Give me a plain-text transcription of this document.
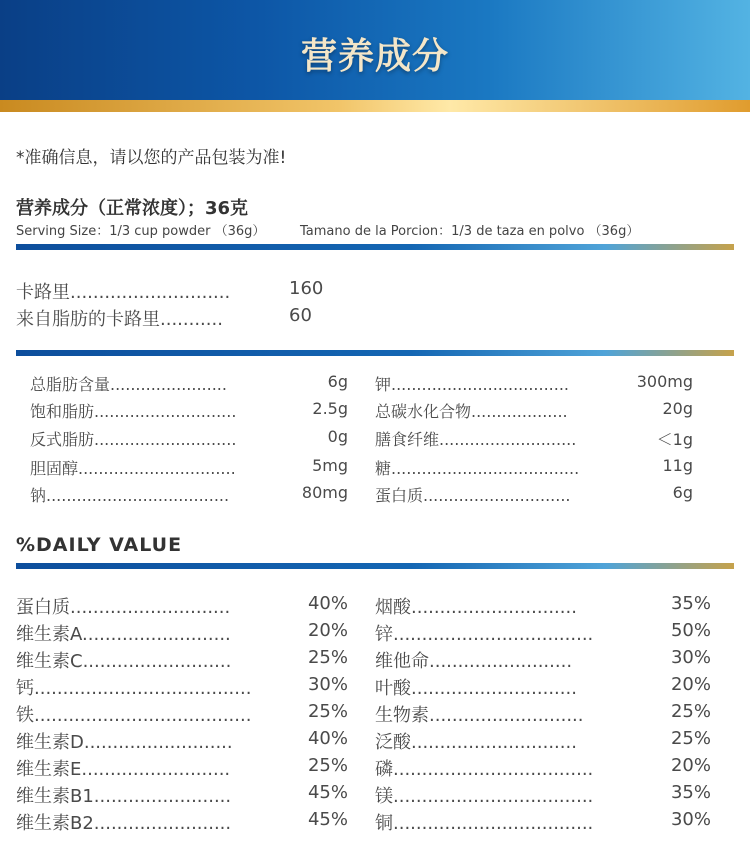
营养成分
*准确信息，请以您的产品包装为准!
营养成分（正常浓度）；36克
Serving Size：1/3 cup powder （36g）	Tamano de la Porcion：1/3 de taza en polvo （36g）
卡路里............................	160
来自脂肪的卡路里...........	60
总脂肪含量.......................	6g
饱和脂肪............................	2.5g
反式脂肪............................	0g
胆固醇...............................	5mg
钠....................................	80mg
钾...................................	300mg
总碳水化合物...................	20g
膳食纤维...........................	＜1g
糖.....................................	11g
蛋白质.............................	6g
%DAILY VALUE
蛋白质............................	40%
维生素A..........................	20%
维生素C..........................	25%
钙......................................	30%
铁......................................	25%
维生素D..........................	40%
维生素E..........................	25%
维生素B1........................	45%
维生素B2........................	45%
烟酸.............................	35%
锌...................................	50%
维他命.........................	30%
叶酸.............................	20%
生物素...........................	25%
泛酸.............................	25%
磷...................................	20%
镁...................................	35%
铜...................................	30%
